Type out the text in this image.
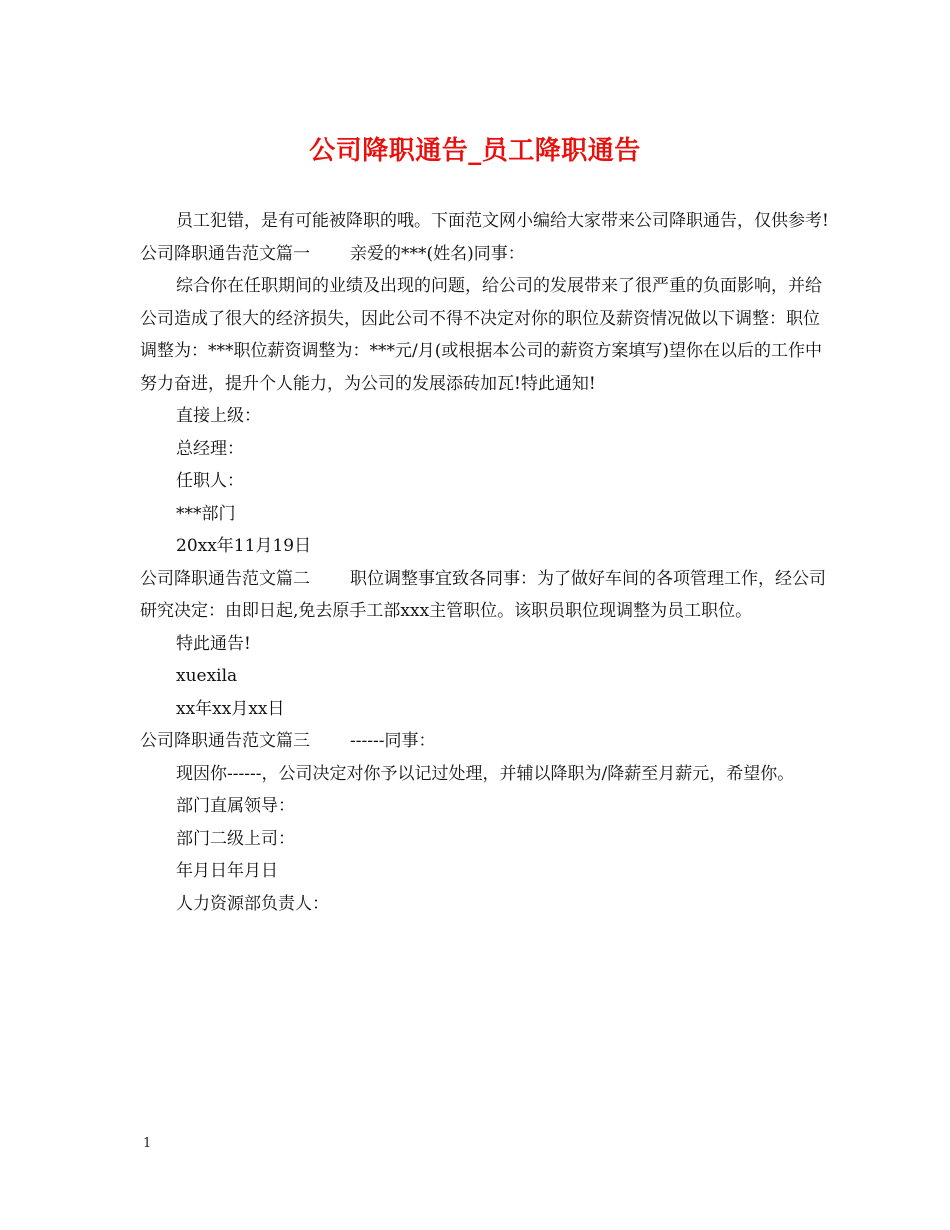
公司降职通告_员工降职通告

员工犯错，是有可能被降职的哦。下面范文网小编给大家带来公司降职通告，仅供参考!

公司降职通告范文篇一 亲爱的***(姓名)同事：

综合你在任职期间的业绩及出现的问题，给公司的发展带来了很严重的负面影响，并给公司造成了很大的经济损失，因此公司不得不决定对你的职位及薪资情况做以下调整：职位调整为：***职位薪资调整为：***元/月(或根据本公司的薪资方案填写)望你在以后的工作中努力奋进，提升个人能力，为公司的发展添砖加瓦!特此通知!

直接上级：

总经理：

任职人：

***部门

20xx年11月19日

公司降职通告范文篇二 职位调整事宜致各同事：为了做好车间的各项管理工作，经公司研究决定：由即日起,免去原手工部xxx主管职位。该职员职位现调整为员工职位。

特此通告!

xuexila

xx年xx月xx日

公司降职通告范文篇三 ------同事：

现因你------，公司决定对你予以记过处理，并辅以降职为/降薪至月薪元，希望你。

部门直属领导：

部门二级上司：

年月日年月日

人力资源部负责人：

1
